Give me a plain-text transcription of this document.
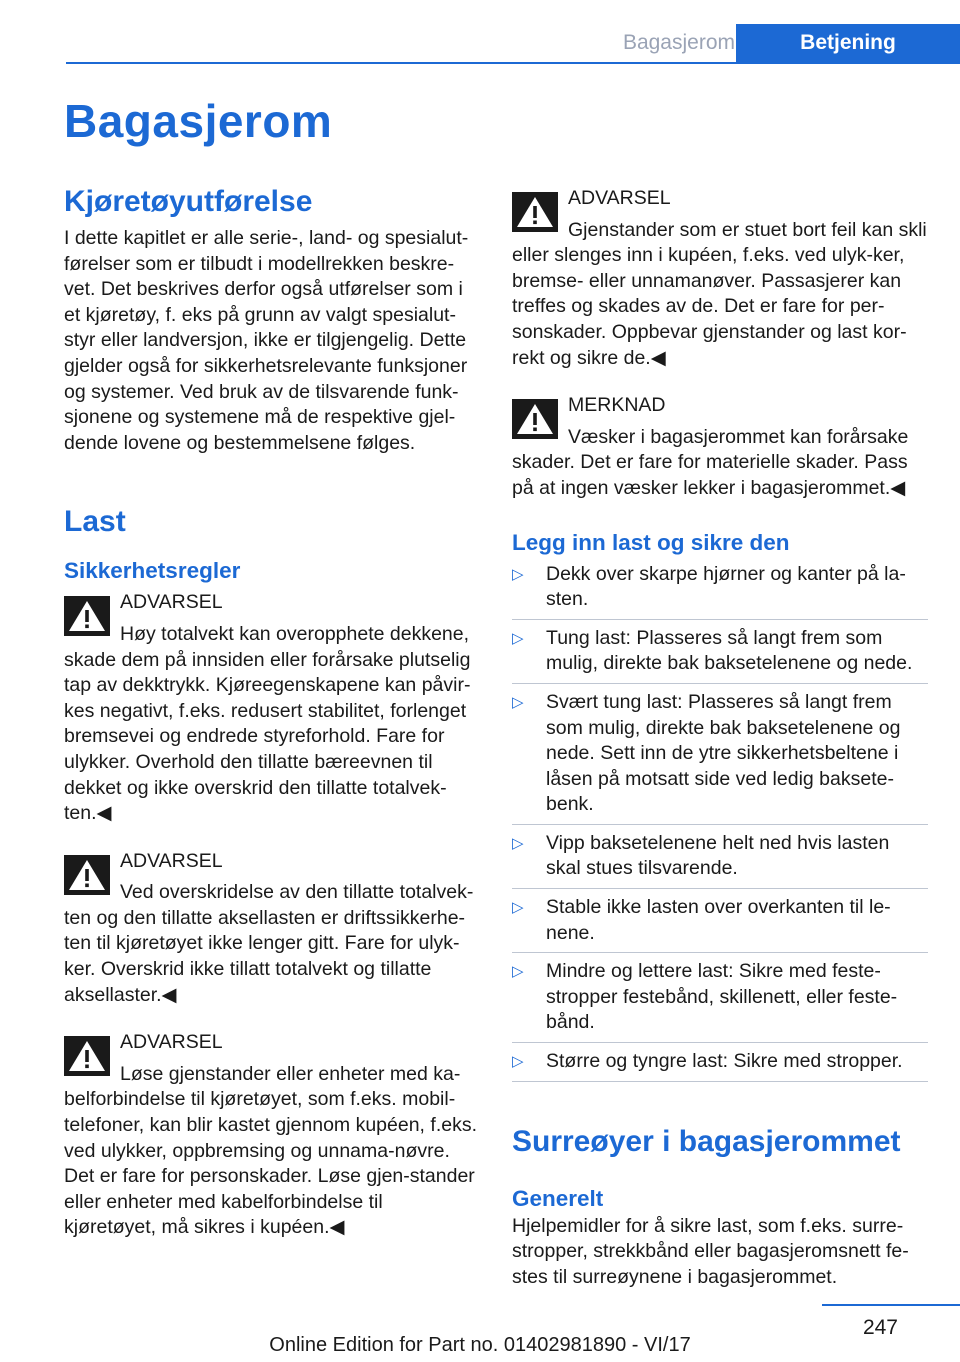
Bagasjerom	Betjening
Bagasjerom
Kjøretøyutførelse

I dette kapitlet er alle serie-, land- og spesialut-førelser som er tilbudt i modellrekken beskre-vet. Det beskrives derfor også utførelser som i et kjøretøy, f. eks på grunn av valgt spesialut-styr eller landversjon, ikke er tilgjengelig. Dette gjelder også for sikkerhetsrelevante funksjoner og systemer. Ved bruk av de tilsvarende funk-sjonene og systemene må de respektive gjel-dende lovene og bestemmelsene følges.

Last
Sikkerhetsregler
ADVARSEL

Høy totalvekt kan overopphete dekkene, skade dem på innsiden eller forårsake plutselig tap av dekktrykk. Kjøreegenskapene kan påvir-kes negativt, f.eks. redusert stabilitet, forlenget bremsevei og endrede styreforhold. Fare for ulykker. Overhold den tillatte bæreevnen til dekket og ikke overskrid den tillatte totalvek-ten.◀

ADVARSEL

Ved overskridelse av den tillatte totalvek-ten og den tillatte aksellasten er driftssikkerhe-ten til kjøretøyet ikke lenger gitt. Fare for ulyk-ker. Overskrid ikke tillatt totalvekt og tillatte aksellaster.◀

ADVARSEL

Løse gjenstander eller enheter med ka-belforbindelse til kjøretøyet, som f.eks. mobil-telefoner, kan blir kastet gjennom kupéen, f.eks. ved ulykker, oppbremsing og unnama-nøvre. Det er fare for personskader. Løse gjen-stander eller enheter med kabelforbindelse til kjøretøyet, må sikres i kupéen.◀

ADVARSEL

Gjenstander som er stuet bort feil kan skli eller slenges inn i kupéen, f.eks. ved ulyk-ker, bremse- eller unnamanøver. Passasjerer kan treffes og skades av de. Det er fare for per-sonskader. Oppbevar gjenstander og last kor-rekt og sikre de.◀

MERKNAD

Væsker i bagasjerommet kan forårsake skader. Det er fare for materielle skader. Pass på at ingen væsker lekker i bagasjerommet.◀

Legg inn last og sikre den
▷ Dekk over skarpe hjørner og kanter på la-sten.
▷ Tung last: Plasseres så langt frem som mulig, direkte bak baksetelenene og nede.
▷ Svært tung last: Plasseres så langt frem som mulig, direkte bak baksetelenene og nede. Sett inn de ytre sikkerhetsbeltene i låsen på motsatt side ved ledig baksete-benk.
▷ Vipp baksetelenene helt ned hvis lasten skal stues tilsvarende.
▷ Stable ikke lasten over overkanten til le-nene.
▷ Mindre og lettere last: Sikre med feste-stropper festebånd, skillenett, eller feste-bånd.
▷ Større og tyngre last: Sikre med stropper.
Surreøyer i bagasjerommet
Generelt

Hjelpemidler for å sikre last, som f.eks. surre-stropper, strekkbånd eller bagasjeromsnett fe-stes til surreøynene i bagasjerommet.

247
Online Edition for Part no. 01402981890 - VI/17
